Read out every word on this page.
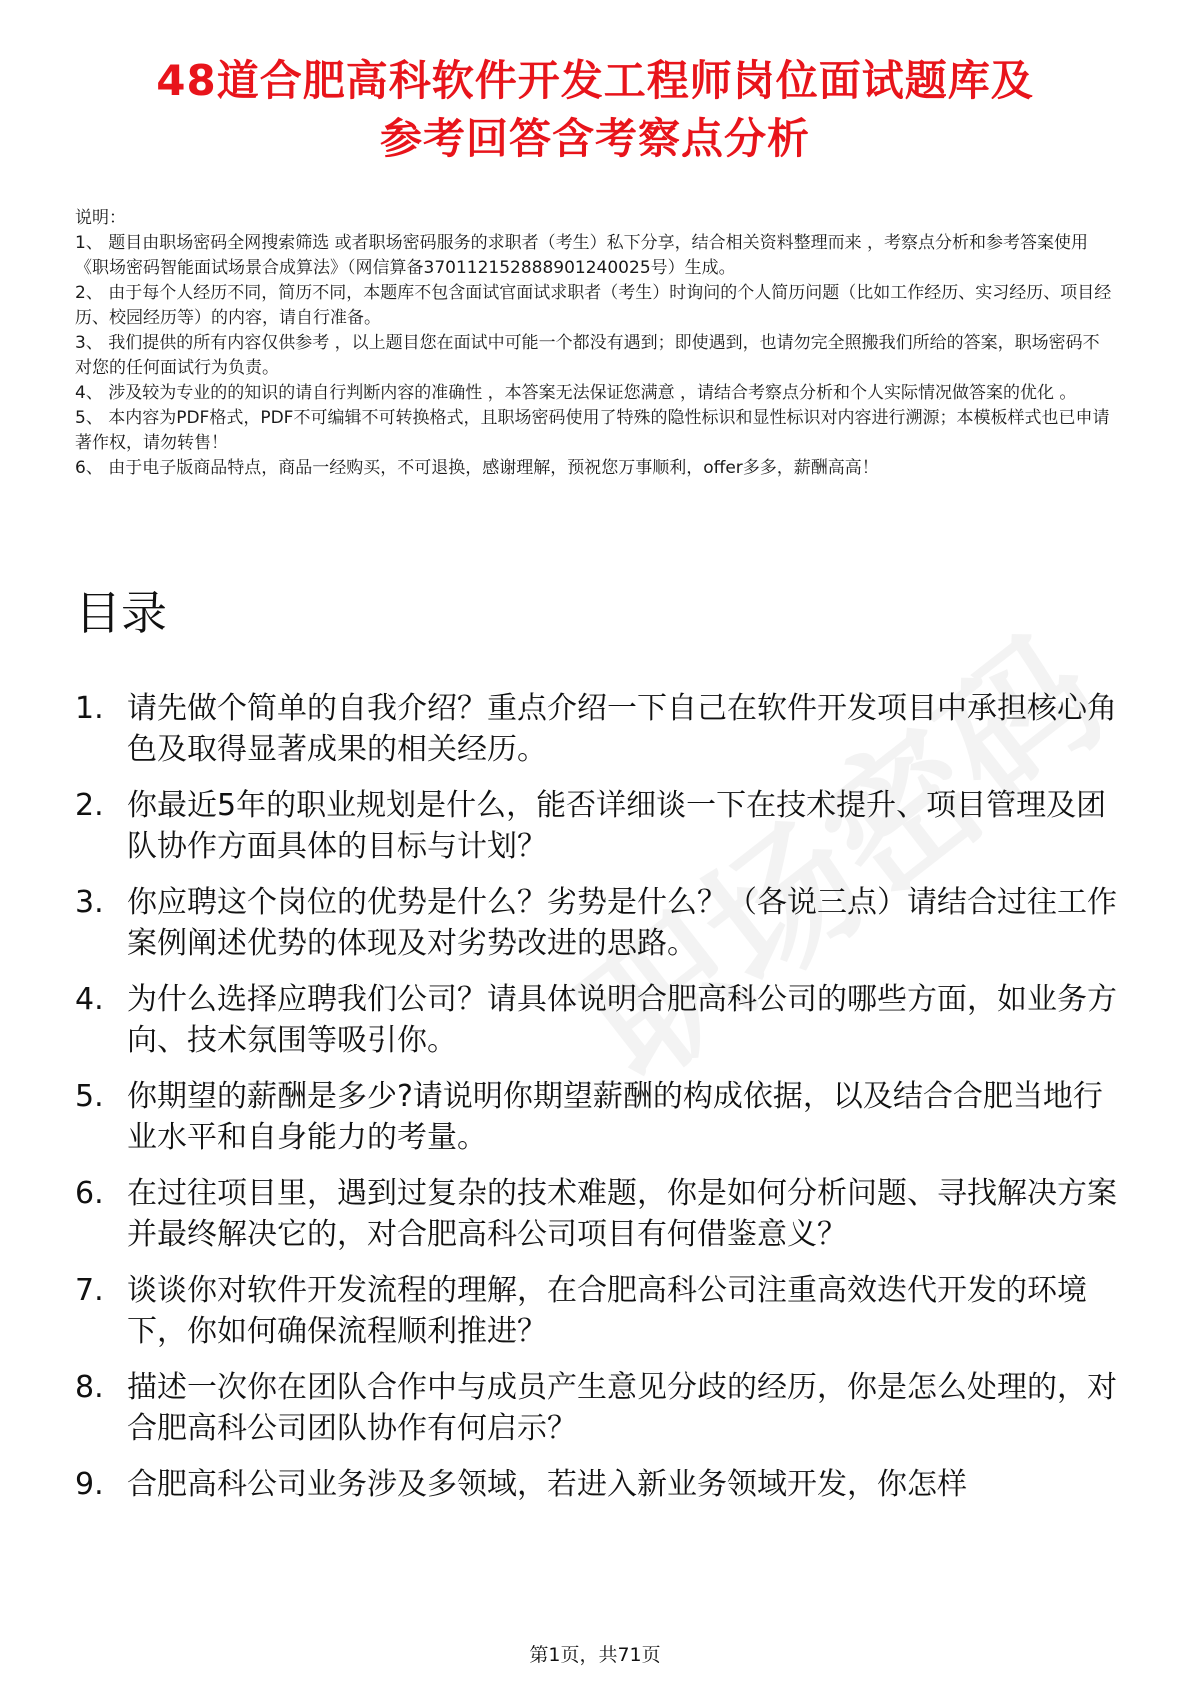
48道合肥高科软件开发工程师岗位面试题库及
参考回答含考察点分析
说明：
1、 题目由职场密码全网搜索筛选 或者职场密码服务的求职者（考生）私下分享，结合相关资料整理而来 ，考察点分析和参考答案使用《职场密码智能面试场景合成算法》（网信算备370112152888901240025号）生成。
2、 由于每个人经历不同，简历不同，本题库不包含面试官面试求职者（考生）时询问的个人简历问题（比如工作经历、实习经历、项目经历、校园经历等）的内容，请自行准备。
3、 我们提供的所有内容仅供参考 ，以上题目您在面试中可能一个都没有遇到；即使遇到，也请勿完全照搬我们所给的答案，职场密码不对您的任何面试行为负责。
4、 涉及较为专业的的知识的请自行判断内容的准确性 ，本答案无法保证您满意 ，请结合考察点分析和个人实际情况做答案的优化 。
5、 本内容为PDF格式，PDF不可编辑不可转换格式，且职场密码使用了特殊的隐性标识和显性标识对内容进行溯源；本模板样式也已申请著作权，请勿转售！
6、 由于电子版商品特点，商品一经购买，不可退换，感谢理解，预祝您万事顺利，offer多多，薪酬高高！
目录
1. 请先做个简单的自我介绍？重点介绍一下自己在软件开发项目中承担核心角色及取得显著成果的相关经历。
2. 你最近5年的职业规划是什么，能否详细谈一下在技术提升、项目管理及团队协作方面具体的目标与计划？
3. 你应聘这个岗位的优势是什么？劣势是什么？（各说三点）请结合过往工作案例阐述优势的体现及对劣势改进的思路。
4. 为什么选择应聘我们公司？请具体说明合肥高科公司的哪些方面，如业务方向、技术氛围等吸引你。
5. 你期望的薪酬是多少?请说明你期望薪酬的构成依据，以及结合合肥当地行业水平和自身能力的考量。
6. 在过往项目里，遇到过复杂的技术难题，你是如何分析问题、寻找解决方案并最终解决它的，对合肥高科公司项目有何借鉴意义？
7. 谈谈你对软件开发流程的理解，在合肥高科公司注重高效迭代开发的环境下，你如何确保流程顺利推进？
8. 描述一次你在团队合作中与成员产生意见分歧的经历，你是怎么处理的，对合肥高科公司团队协作有何启示？
9. 合肥高科公司业务涉及多领域，若进入新业务领域开发，你怎样
第1页，共71页
